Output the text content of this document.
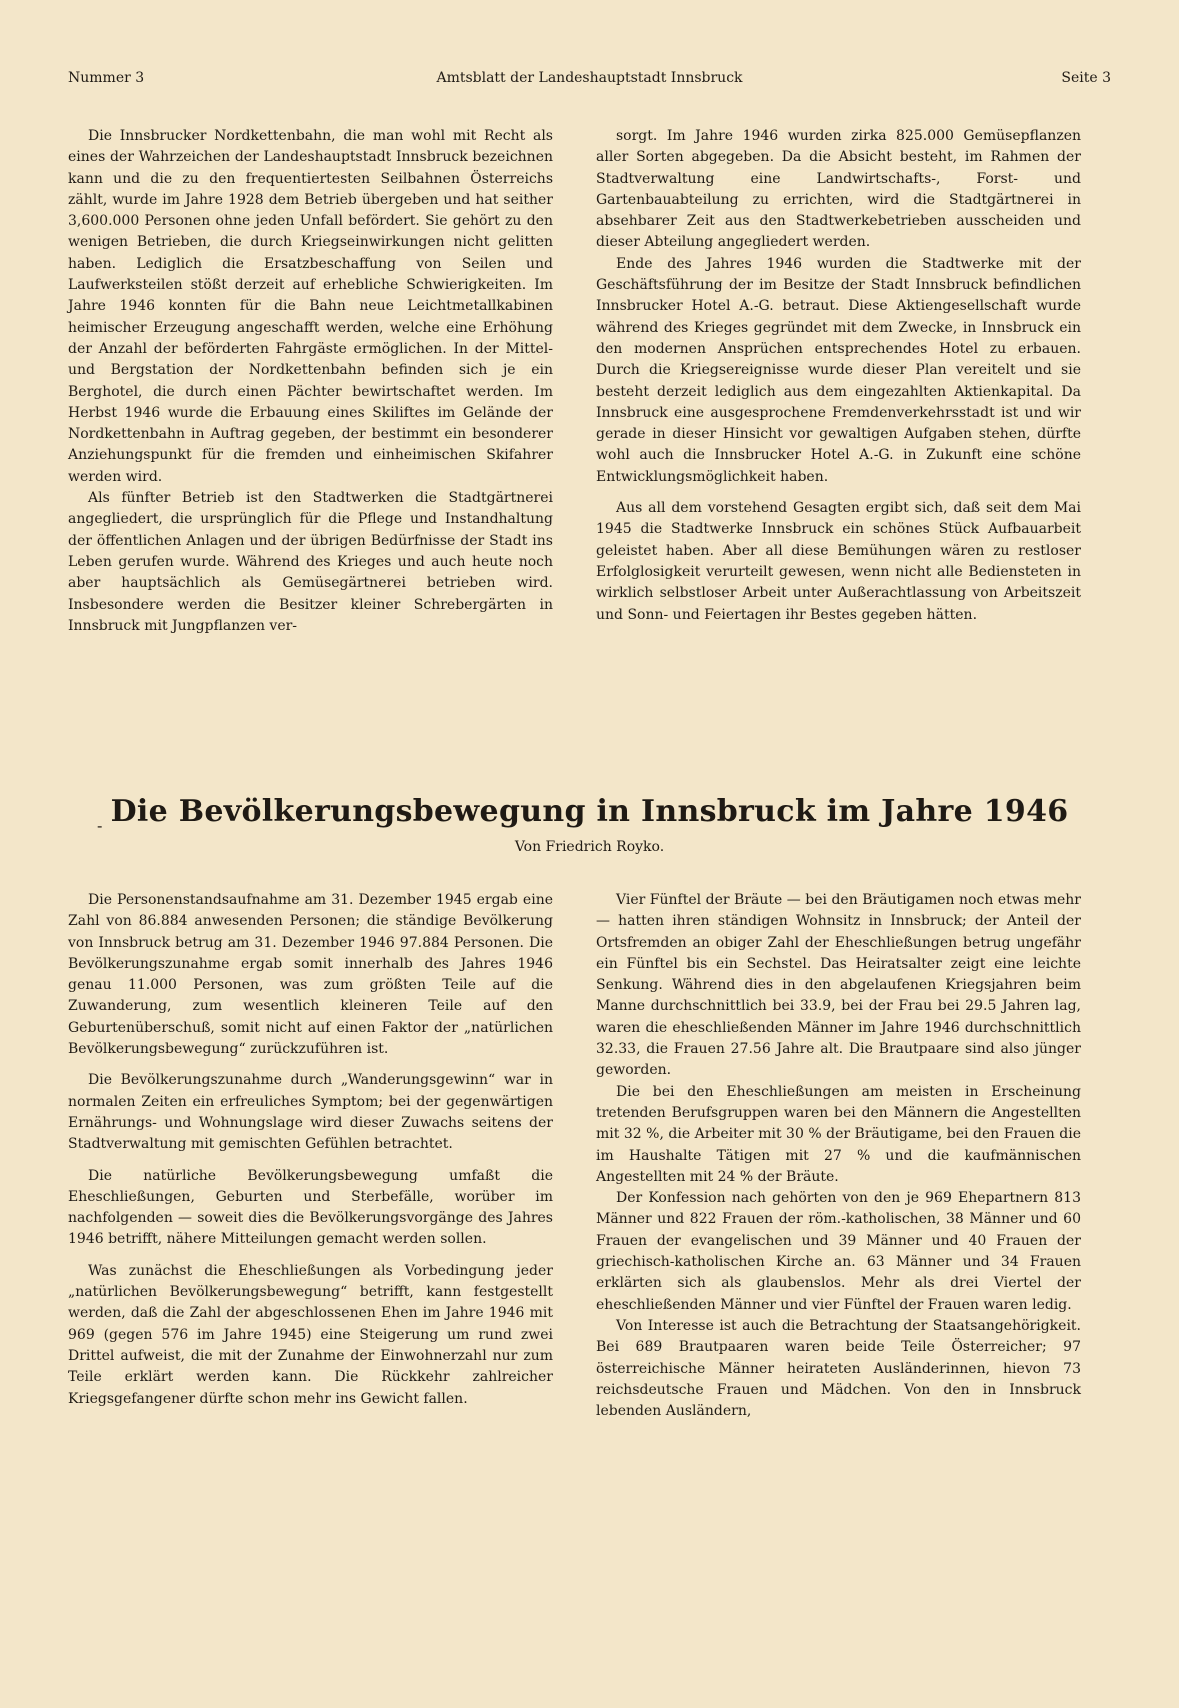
Nummer 3	Amtsblatt der Landeshauptstadt Innsbruck	Seite 3

Die Innsbrucker Nordkettenbahn, die man wohl mit Recht als eines der Wahrzeichen der Landeshauptstadt Innsbruck bezeichnen kann und die zu den frequentiertesten Seilbahnen Österreichs zählt, wurde im Jahre 1928 dem Betrieb übergeben und hat seither 3,600.000 Personen ohne jeden Unfall befördert. Sie gehört zu den wenigen Betrieben, die durch Kriegseinwirkungen nicht gelitten haben. Lediglich die Ersatzbeschaffung von Seilen und Laufwerksteilen stößt derzeit auf erhebliche Schwierigkeiten. Im Jahre 1946 konnten für die Bahn neue Leichtmetallkabinen heimischer Erzeugung angeschafft werden, welche eine Erhöhung der Anzahl der beförderten Fahrgäste ermöglichen. In der Mittel- und Bergstation der Nordkettenbahn befinden sich je ein Berghotel, die durch einen Pächter bewirtschaftet werden. Im Herbst 1946 wurde die Erbauung eines Skiliftes im Gelände der Nordkettenbahn in Auftrag gegeben, der bestimmt ein besonderer Anziehungspunkt für die fremden und einheimischen Skifahrer werden wird.

Als fünfter Betrieb ist den Stadtwerken die Stadtgärtnerei angegliedert, die ursprünglich für die Pflege und Instandhaltung der öffentlichen Anlagen und der übrigen Bedürfnisse der Stadt ins Leben gerufen wurde. Während des Krieges und auch heute noch aber hauptsächlich als Gemüsegärtnerei betrieben wird. Insbesondere werden die Besitzer kleiner Schrebergärten in Innsbruck mit Jungpflanzen ver-

sorgt. Im Jahre 1946 wurden zirka 825.000 Gemüsepflanzen aller Sorten abgegeben. Da die Absicht besteht, im Rahmen der Stadtverwaltung eine Landwirtschafts-, Forst- und Gartenbauabteilung zu errichten, wird die Stadtgärtnerei in absehbarer Zeit aus den Stadtwerkebetrieben ausscheiden und dieser Abteilung angegliedert werden.

Ende des Jahres 1946 wurden die Stadtwerke mit der Geschäftsführung der im Besitze der Stadt Innsbruck befindlichen Innsbrucker Hotel A.-G. betraut. Diese Aktiengesellschaft wurde während des Krieges gegründet mit dem Zwecke, in Innsbruck ein den modernen Ansprüchen entsprechendes Hotel zu erbauen. Durch die Kriegsereignisse wurde dieser Plan vereitelt und sie besteht derzeit lediglich aus dem eingezahlten Aktienkapital. Da Innsbruck eine ausgesprochene Fremdenverkehrsstadt ist und wir gerade in dieser Hinsicht vor gewaltigen Aufgaben stehen, dürfte wohl auch die Innsbrucker Hotel A.-G. in Zukunft eine schöne Entwicklungsmöglichkeit haben.

Aus all dem vorstehend Gesagten ergibt sich, daß seit dem Mai 1945 die Stadtwerke Innsbruck ein schönes Stück Aufbauarbeit geleistet haben. Aber all diese Bemühungen wären zu restloser Erfolglosigkeit verurteilt gewesen, wenn nicht alle Bediensteten in wirklich selbstloser Arbeit unter Außerachtlassung von Arbeitszeit und Sonn- und Feiertagen ihr Bestes gegeben hätten.

- Die Bevölkerungsbewegung in Innsbruck im Jahre 1946
Von Friedrich Royko.

Die Personenstandsaufnahme am 31. Dezember 1945 ergab eine Zahl von 86.884 anwesenden Personen; die ständige Bevölkerung von Innsbruck betrug am 31. Dezember 1946 97.884 Personen. Die Bevölkerungszunahme ergab somit innerhalb des Jahres 1946 genau 11.000 Personen, was zum größten Teile auf die Zuwanderung, zum wesentlich kleineren Teile auf den Geburtenüberschuß, somit nicht auf einen Faktor der „natürlichen Bevölkerungsbewegung“ zurückzuführen ist.

Die Bevölkerungszunahme durch „Wanderungsgewinn“ war in normalen Zeiten ein erfreuliches Symptom; bei der gegenwärtigen Ernährungs- und Wohnungslage wird dieser Zuwachs seitens der Stadtverwaltung mit gemischten Gefühlen betrachtet.

Die natürliche Bevölkerungsbewegung umfaßt die Eheschließungen, Geburten und Sterbefälle, worüber im nachfolgenden — soweit dies die Bevölkerungsvorgänge des Jahres 1946 betrifft, nähere Mitteilungen gemacht werden sollen.

Was zunächst die Eheschließungen als Vorbedingung jeder „natürlichen Bevölkerungsbewegung“ betrifft, kann festgestellt werden, daß die Zahl der abgeschlossenen Ehen im Jahre 1946 mit 969 (gegen 576 im Jahre 1945) eine Steigerung um rund zwei Drittel aufweist, die mit der Zunahme der Einwohnerzahl nur zum Teile erklärt werden kann. Die Rückkehr zahlreicher Kriegsgefangener dürfte schon mehr ins Gewicht fallen.

Vier Fünftel der Bräute — bei den Bräutigamen noch etwas mehr — hatten ihren ständigen Wohnsitz in Innsbruck; der Anteil der Ortsfremden an obiger Zahl der Eheschließungen betrug ungefähr ein Fünftel bis ein Sechstel. Das Heiratsalter zeigt eine leichte Senkung. Während dies in den abgelaufenen Kriegsjahren beim Manne durchschnittlich bei 33.9, bei der Frau bei 29.5 Jahren lag, waren die eheschließenden Männer im Jahre 1946 durchschnittlich 32.33, die Frauen 27.56 Jahre alt. Die Brautpaare sind also jünger geworden.

Die bei den Eheschließungen am meisten in Erscheinung tretenden Berufsgruppen waren bei den Männern die Angestellten mit 32 %, die Arbeiter mit 30 % der Bräutigame, bei den Frauen die im Haushalte Tätigen mit 27 % und die kaufmännischen Angestellten mit 24 % der Bräute.

Der Konfession nach gehörten von den je 969 Ehepartnern 813 Männer und 822 Frauen der röm.-katholischen, 38 Männer und 60 Frauen der evangelischen und 39 Männer und 40 Frauen der griechisch-katholischen Kirche an. 63 Männer und 34 Frauen erklärten sich als glaubenslos. Mehr als drei Viertel der eheschließenden Männer und vier Fünftel der Frauen waren ledig.

Von Interesse ist auch die Betrachtung der Staatsangehörigkeit. Bei 689 Brautpaaren waren beide Teile Österreicher; 97 österreichische Männer heirateten Ausländerinnen, hievon 73 reichsdeutsche Frauen und Mädchen. Von den in Innsbruck lebenden Ausländern,
